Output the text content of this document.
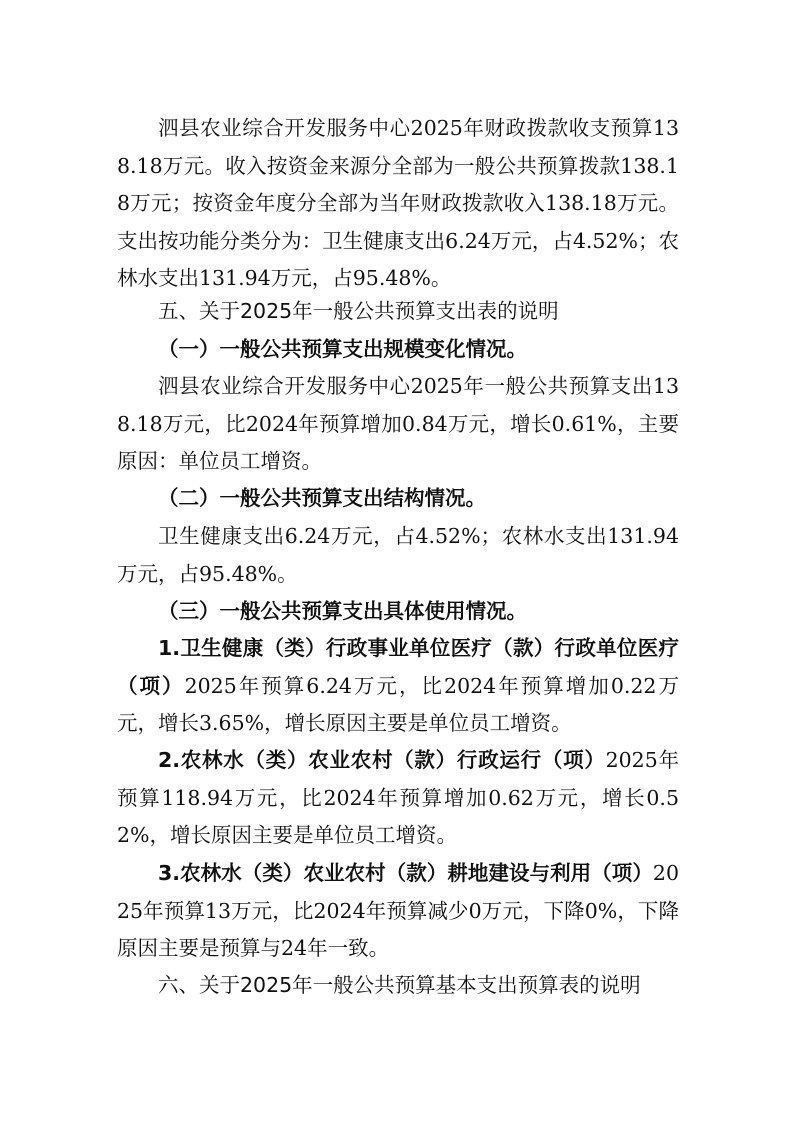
泗县农业综合开发服务中心2025年财政拨款收支预算138.18万元。收入按资金来源分全部为一般公共预算拨款138.18万元；按资金年度分全部为当年财政拨款收入138.18万元。支出按功能分类分为：卫生健康支出6.24万元，占4.52%；农林水支出131.94万元，占95.48%。

五、关于2025年一般公共预算支出表的说明

（一）一般公共预算支出规模变化情况。

泗县农业综合开发服务中心2025年一般公共预算支出138.18万元，比2024年预算增加0.84万元，增长0.61%，主要原因：单位员工增资。

（二）一般公共预算支出结构情况。

卫生健康支出6.24万元，占4.52%；农林水支出131.94万元，占95.48%。

（三）一般公共预算支出具体使用情况。

1.卫生健康（类）行政事业单位医疗（款）行政单位医疗（项）2025年预算6.24万元，比2024年预算增加0.22万元，增长3.65%，增长原因主要是单位员工增资。

2.农林水（类）农业农村（款）行政运行（项）2025年预算118.94万元，比2024年预算增加0.62万元，增长0.52%，增长原因主要是单位员工增资。

3.农林水（类）农业农村（款）耕地建设与利用（项）2025年预算13万元，比2024年预算减少0万元，下降0%，下降原因主要是预算与24年一致。

六、关于2025年一般公共预算基本支出预算表的说明
